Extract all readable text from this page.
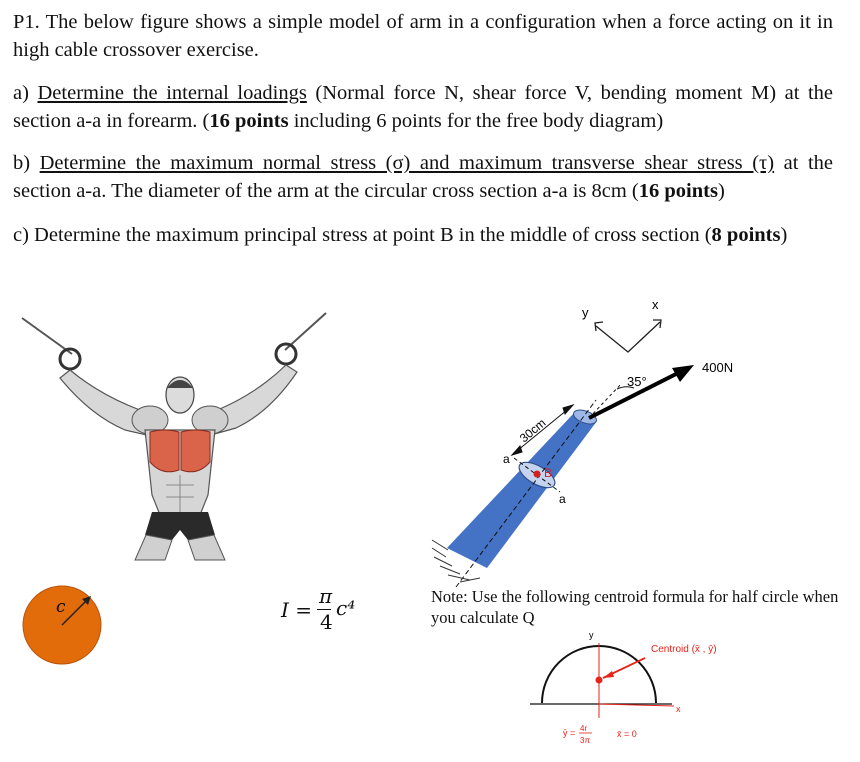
P1. The below figure shows a simple model of arm in a configuration when a force acting on it in high cable crossover exercise.
a) Determine the internal loadings (Normal force N, shear force V, bending moment M) at the section a-a in forearm. (16 points including 6 points for the free body diagram)
b) Determine the maximum normal stress (σ) and maximum transverse shear stress (τ) at the section a-a. The diameter of the arm at the circular cross section a-a is 8cm (16 points)
c) Determine the maximum principal stress at point B in the middle of cross section (8 points)
c
y
x
30cm
a
a
B
35°
400N
y
x
Centroid (x̄ , ȳ)
ȳ = 4r
3π
x̄ = 0
I =
π
4
c⁴	Note: Use the following centroid formula for half circle when you calculate Q
